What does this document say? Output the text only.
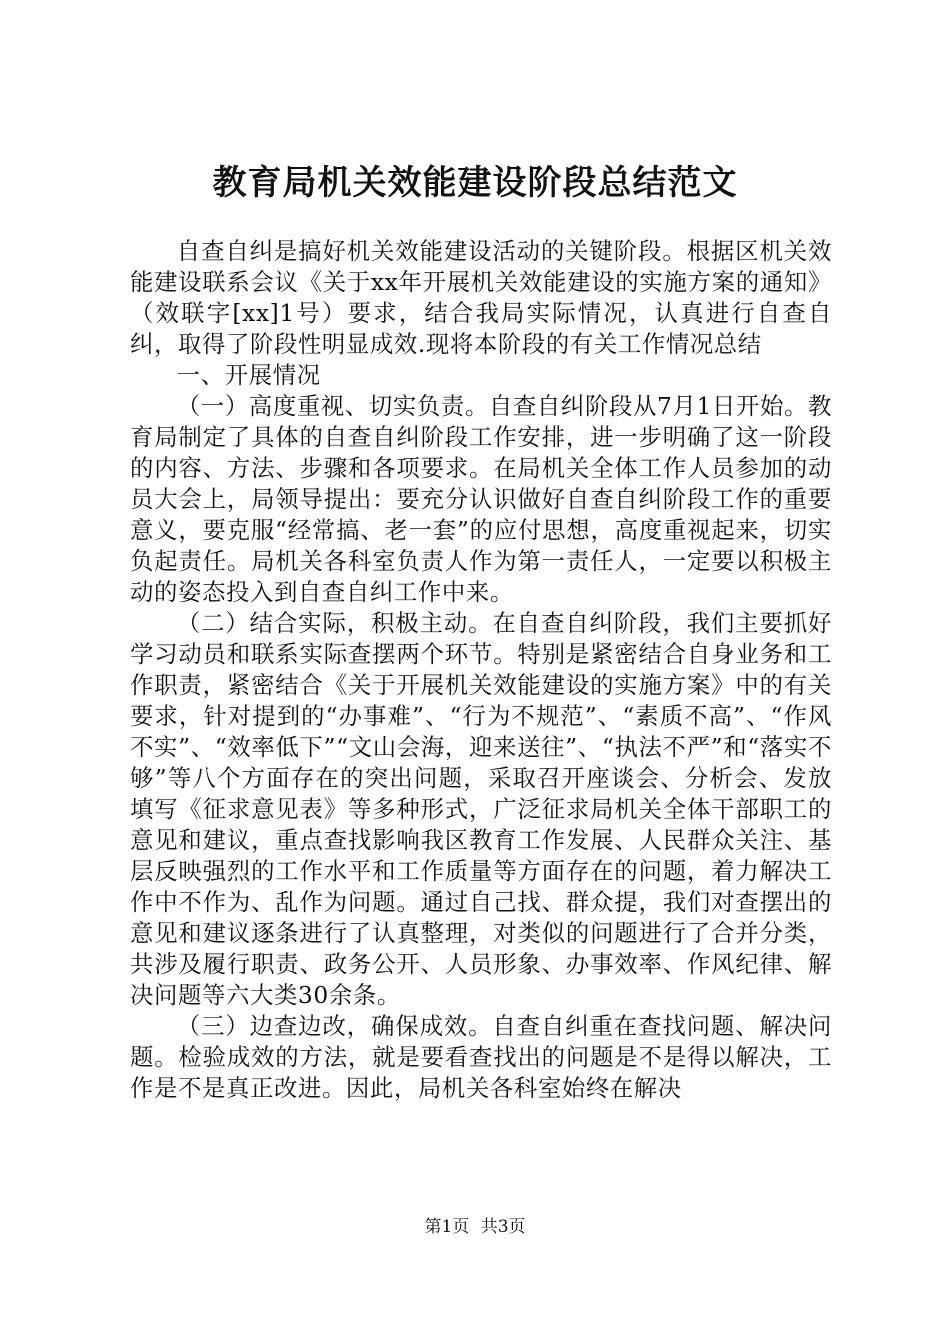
教育局机关效能建设阶段总结范文

自查自纠是搞好机关效能建设活动的关键阶段。根据区机关效能建设联系会议《关于xx年开展机关效能建设的实施方案的通知》（效联字[xx]1号）要求，结合我局实际情况，认真进行自查自纠，取得了阶段性明显成效.现将本阶段的有关工作情况总结

一、开展情况

（一）高度重视、切实负责。自查自纠阶段从7月1日开始。教育局制定了具体的自查自纠阶段工作安排，进一步明确了这一阶段的内容、方法、步骤和各项要求。在局机关全体工作人员参加的动员大会上，局领导提出：要充分认识做好自查自纠阶段工作的重要意义，要克服“经常搞、老一套”的应付思想，高度重视起来，切实负起责任。局机关各科室负责人作为第一责任人，一定要以积极主动的姿态投入到自查自纠工作中来。

（二）结合实际，积极主动。在自查自纠阶段，我们主要抓好学习动员和联系实际查摆两个环节。特别是紧密结合自身业务和工作职责，紧密结合《关于开展机关效能建设的实施方案》中的有关要求，针对提到的“办事难”、“行为不规范”、“素质不高”、“作风不实”、“效率低下”“文山会海，迎来送往”、“执法不严”和“落实不够”等八个方面存在的突出问题，采取召开座谈会、分析会、发放填写《征求意见表》等多种形式，广泛征求局机关全体干部职工的意见和建议，重点查找影响我区教育工作发展、人民群众关注、基层反映强烈的工作水平和工作质量等方面存在的问题，着力解决工作中不作为、乱作为问题。通过自己找、群众提，我们对查摆出的意见和建议逐条进行了认真整理，对类似的问题进行了合并分类，共涉及履行职责、政务公开、人员形象、办事效率、作风纪律、解决问题等六大类30余条。

（三）边查边改，确保成效。自查自纠重在查找问题、解决问题。检验成效的方法，就是要看查找出的问题是不是得以解决，工作是不是真正改进。因此，局机关各科室始终在解决

第1页 共3页
